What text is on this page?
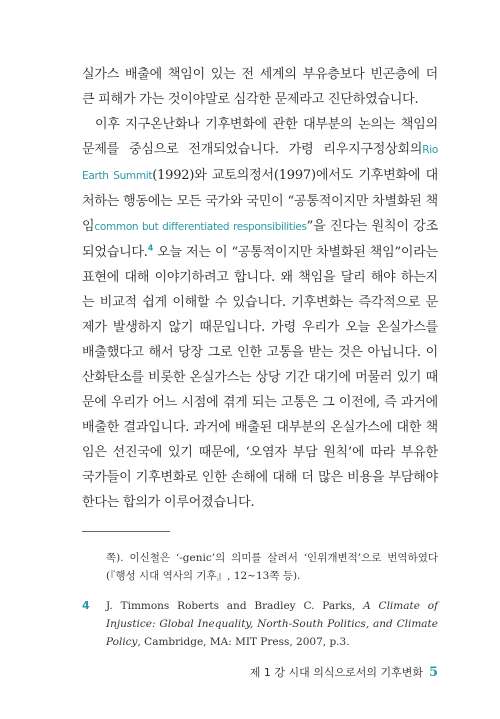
실가스 배출에 책임이 있는 전 세계의 부유층보다 빈곤층에 더 큰 피해가 가는 것이야말로 심각한 문제라고 진단하였습니다.

이후 지구온난화나 기후변화에 관한 대부분의 논의는 책임의 문제를 중심으로 전개되었습니다. 가령 리우지구정상회의Rio Earth Summit(1992)와 교토의정서(1997)에서도 기후변화에 대처하는 행동에는 모든 국가와 국민이 “공통적이지만 차별화된 책임common but differentiated responsibilities”을 진다는 원칙이 강조되었습니다.$^4$ 오늘 저는 이 “공통적이지만 차별화된 책임”이라는 표현에 대해 이야기하려고 합니다. 왜 책임을 달리 해야 하는지는 비교적 쉽게 이해할 수 있습니다. 기후변화는 즉각적으로 문제가 발생하지 않기 때문입니다. 가령 우리가 오늘 온실가스를 배출했다고 해서 당장 그로 인한 고통을 받는 것은 아닙니다. 이산화탄소를 비롯한 온실가스는 상당 기간 대기에 머물러 있기 때문에 우리가 어느 시점에 겪게 되는 고통은 그 이전에, 즉 과거에 배출한 결과입니다. 과거에 배출된 대부분의 온실가스에 대한 책임은 선진국에 있기 때문에, ‘오염자 부담 원칙’에 따라 부유한 국가들이 기후변화로 인한 손해에 대해 더 많은 비용을 부담해야 한다는 합의가 이루어졌습니다.

쪽). 이신철은 ‘-genic’의 의미를 살려서 ‘인위개변적’으로 번역하였다(『행성 시대 역사의 기후』, 12~13쪽 등).

4 J. Timmons Roberts and Bradley C. Parks, A Climate of Injustice: Global Inequality, North-South Politics, and Climate Policy, Cambridge, MA: MIT Press, 2007, p.3.

제 1 강 시대 의식으로서의 기후변화 5
